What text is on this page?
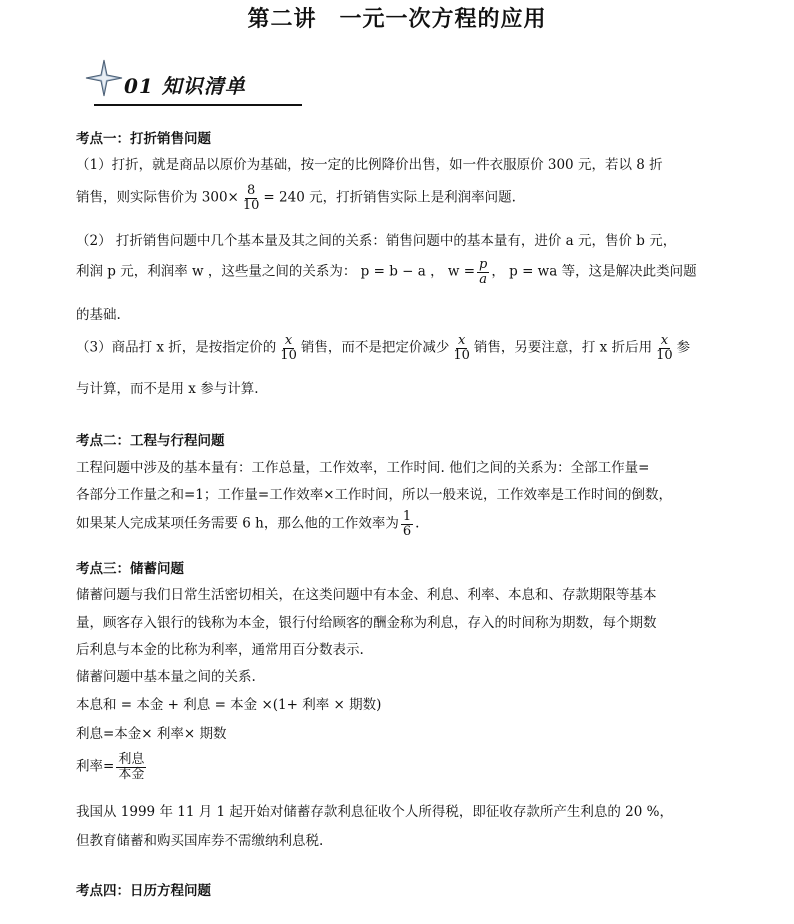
第二讲　一元一次方程的应用
01 知识清单
考点一：打折销售问题
（1）打折，就是商品以原价为基础，按一定的比例降价出售，如一件衣服原价 300 元，若以 8 折
销售，则实际售价为 $300\times \frac{8}{10} = 240$ 元，打折销售实际上是利润率问题.
（2） 打折销售问题中几个基本量及其之间的关系：销售问题中的基本量有，进价 a 元，售价 b 元，
利润 p 元，利润率 w ，这些量之间的关系为： p = b − a ， $w = \frac{p}{a}$ ， p = wa 等，这是解决此类问题
的基础.
（3）商品打 x 折，是按指定价的 $\frac{x}{10}$ 销售，而不是把定价减少 $\frac{x}{10}$ 销售，另要注意，打 x 折后用 $\frac{x}{10}$ 参
与计算，而不是用 x 参与计算.
考点二：工程与行程问题
工程问题中涉及的基本量有：工作总量，工作效率，工作时间. 他们之间的关系为：全部工作量=
各部分工作量之和=1；工作量=工作效率×工作时间，所以一般来说，工作效率是工作时间的倒数，
如果某人完成某项任务需要 6 h，那么他的工作效率为 $\frac{1}{6}$ .
考点三：储蓄问题
储蓄问题与我们日常生活密切相关，在这类问题中有本金、利息、利率、本息和、存款期限等基本
量，顾客存入银行的钱称为本金，银行付给顾客的酬金称为利息，存入的时间称为期数，每个期数
后利息与本金的比称为利率，通常用百分数表示.
储蓄问题中基本量之间的关系.
本息和 = 本金 + 利息 = 本金 ×(1+ 利率 × 期数)
利息=本金× 利率× 期数
利率= $\frac{\text{利息}}{\text{本金}}$
我国从 1999 年 11 月 1 起开始对储蓄存款利息征收个人所得税，即征收存款所产生利息的 20 %，
但教育储蓄和购买国库券不需缴纳利息税.
考点四：日历方程问题
